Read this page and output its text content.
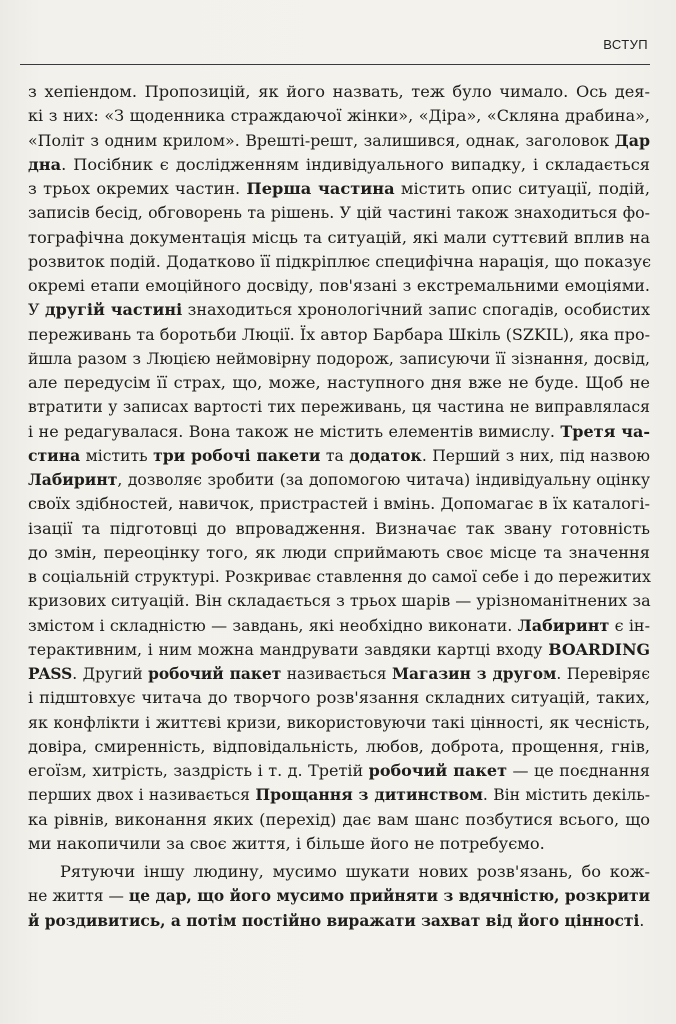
ВСТУП
з хепіендом. Пропозицій, як його назвать, теж було чимало. Ось дея-
кі з них: «З щоденника страждаючої жінки», «Діра», «Скляна драбина»,
«Політ з одним крилом». Врешті-решт, залишився, однак, заголовок Дар
дна. Посібник є дослідженням індивідуального випадку, і складається
з трьох окремих частин. Перша частина містить опис ситуації, подій,
записів бесід, обговорень та рішень. У цій частині також знаходиться фо-
тографічна документація місць та ситуацій, які мали суттєвий вплив на
розвиток подій. Додатково її підкріплює специфічна нарація, що показує
окремі етапи емоційного досвіду, пов'язані з екстремальними емоціями.
У другій частині знаходиться хронологічний запис спогадів, особистих
переживань та боротьби Люції. Їх автор Барбара Шкіль (SZKIL), яка про-
йшла разом з Люцією неймовірну подорож, записуючи її зізнання, досвід,
але передусім її страх, що, може, наступного дня вже не буде. Щоб не
втратити у записах вартості тих переживань, ця частина не виправлялася
і не редагувалася. Вона також не містить елементів вимислу. Третя ча-
стина містить три робочі пакети та додаток. Перший з них, під назвою
Лабиринт, дозволяє зробити (за допомогою читача) індивідуальну оцінку
своїх здібностей, навичок, пристрастей і вмінь. Допомагає в їх каталогі-
ізації та підготовці до впровадження. Визначає так звану готовність
до змін, переоцінку того, як люди сприймають своє місце та значення
в соціальній структурі. Розкриває ставлення до самої себе і до пережитих
кризових ситуацій. Він складається з трьох шарів — урізноманітнених за
змістом і складністю — завдань, які необхідно виконати. Лабиринт є ін-
терактивним, і ним можна мандрувати завдяки картці входу BOARDING
PASS. Другий робочий пакет називається Магазин з другом. Перевіряє
і підштовхує читача до творчого розв'язання складних ситуацій, таких,
як конфлікти і життєві кризи, використовуючи такі цінності, як чесність,
довіра, смиренність, відповідальність, любов, доброта, прощення, гнів,
егоїзм, хитрість, заздрість і т. д. Третій робочий пакет — це поєднання
перших двох і називається Прощання з дитинством. Він містить декіль-
ка рівнів, виконання яких (перехід) дає вам шанс позбутися всього, що
ми накопичили за своє життя, і більше його не потребуємо.
Рятуючи іншу людину, мусимо шукати нових розв'язань, бо кож-
не життя — це дар, що його мусимо прийняти з вдячністю, розкрити
й роздивитись, а потім постійно виражати захват від його цінності.
